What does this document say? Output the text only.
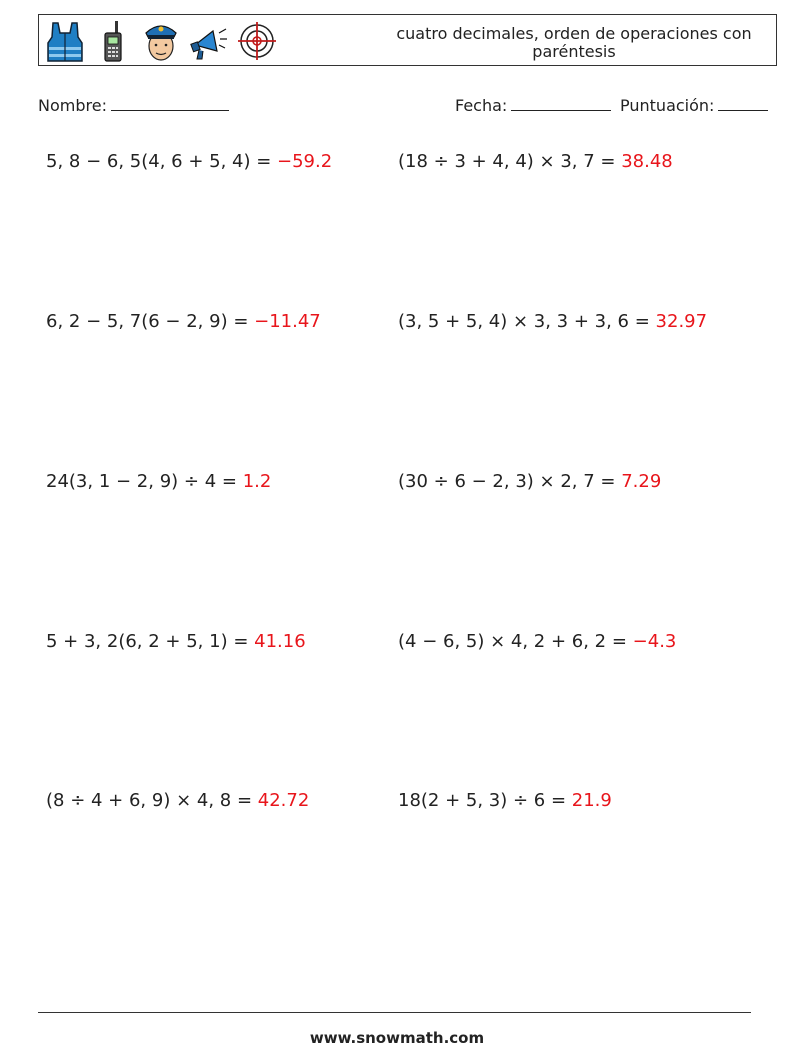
cuatro decimales, orden de operaciones con paréntesis
Nombre:	Fecha:	Puntuación:
5, 8 − 6, 5(4, 6 + 5, 4) = −59.2	(18 ÷ 3 + 4, 4) × 3, 7 = 38.48
6, 2 − 5, 7(6 − 2, 9) = −11.47	(3, 5 + 5, 4) × 3, 3 + 3, 6 = 32.97
24(3, 1 − 2, 9) ÷ 4 = 1.2	(30 ÷ 6 − 2, 3) × 2, 7 = 7.29
5 + 3, 2(6, 2 + 5, 1) = 41.16	(4 − 6, 5) × 4, 2 + 6, 2 = −4.3
(8 ÷ 4 + 6, 9) × 4, 8 = 42.72	18(2 + 5, 3) ÷ 6 = 21.9
www.snowmath.com
